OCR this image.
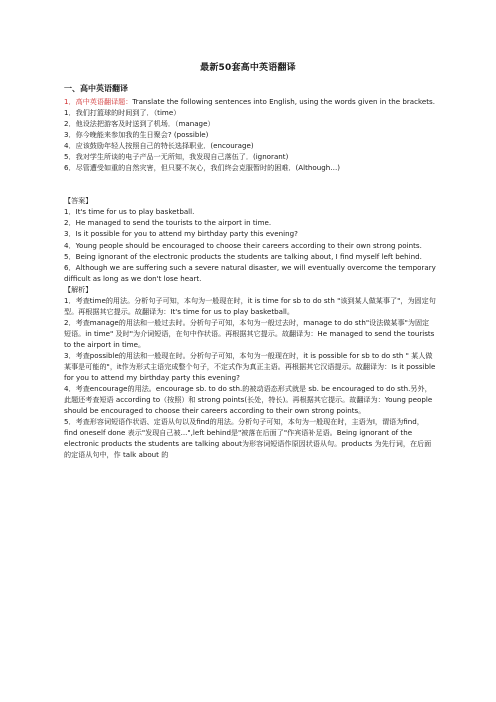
最新50套高中英语翻译

一、高中英语翻译

1．高中英语翻译题：Translate the following sentences into English, using the words given in the brackets.

1．我们打篮球的时间到了．（time）

2．他设法把游客及时送到了机场．（manage）

3．你今晚能来参加我的生日聚会? (possible)

4．应该鼓励年轻人按照自己的特长选择职业．(encourage)

5．我对学生所谈的电子产品一无所知，我发现自己落伍了．(ignorant)

6．尽管遭受如重的自然灾害，但只要不灰心，我们终会克服暂时的困难．(Although…)

【答案】

1．It's time for us to play basketball.

2．He managed to send the tourists to the airport in time.

3．Is it possible for you to attend my birthday party this evening?

4．Young people should be encouraged to choose their careers according to their own strong points.

5．Being ignorant of the electronic products the students are talking about, I find myself left behind.

6．Although we are suffering such a severe natural disaster, we will eventually overcome the temporary difficult as long as we don't lose heart.

【解析】

1．考查time的用法。分析句子可知，本句为一般现在时，it is time for sb to do sth "该到某人做某事了"，为固定句型。再根据其它提示。故翻译为：It's time for us to play basketball。

2．考查manage的用法和一般过去时。分析句子可知，本句为一般过去时，manage to do sth"设法做某事"为固定短语。in time" 及时"为介词短语，在句中作状语。再根据其它提示。故翻译为：He managed to send the tourists to the airport in time。

3．考查possible的用法和一般现在时。分析句子可知，本句为一般现在时，it is possible for sb to do sth " 某人做某事是可能的"，it作为形式主语完成整个句子，不定式作为真正主语。再根据其它汉语提示。故翻译为：Is it possible for you to attend my birthday party this evening?

4．考查encourage的用法。encourage sb. to do sth.的被动语态形式就是 sb. be encouraged to do sth.另外，此题还考查短语 according to（按照）和 strong points(长处，特长)。再根据其它提示。故翻译为：Young people should be encouraged to choose their careers according to their own strong points。

5．考查形容词短语作状语、定语从句以及find的用法。分析句子可知，本句为一般现在时，主语为I，谓语为find， find oneself done 表示"发现自己被...",left behind是"被落在后面了"作宾语补足语。Being ignorant of the electronic products the students are talking about为形容词短语作原因状语从句。products 为先行词，在后面的定语从句中，作 talk about 的
